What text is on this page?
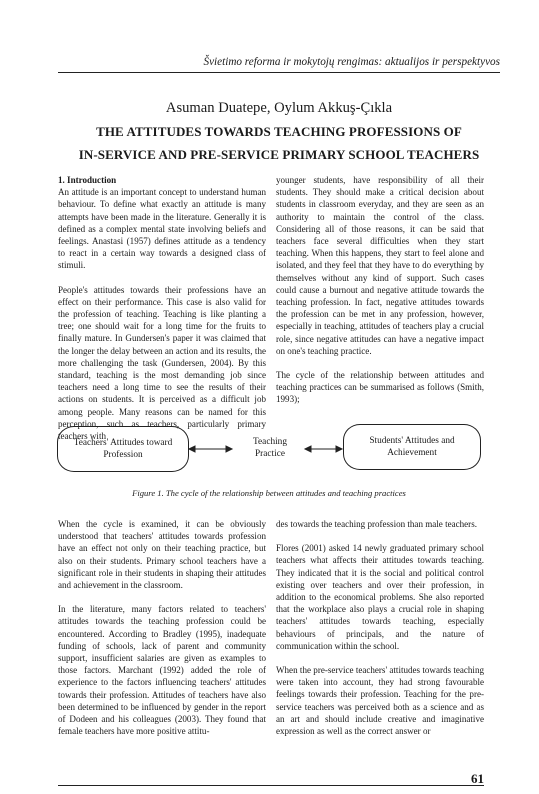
Švietimo reforma ir mokytojų rengimas: aktualijos ir perspektyvos
Asuman Duatepe, Oylum Akkuş-Çıkla
THE ATTITUDES TOWARDS TEACHING PROFESSIONS OF
IN-SERVICE AND PRE-SERVICE PRIMARY SCHOOL TEACHERS

1. Introduction

An attitude is an important concept to understand human behaviour. To define what exactly an attitude is many attempts have been made in the literature. Generally it is defined as a complex mental state involving beliefs and feelings. Anastasi (1957) defines attitude as a tendency to react in a certain way towards a designed class of stimuli.

People's attitudes towards their professions have an effect on their performance. This case is also valid for the profession of teaching. Teaching is like planting a tree; one should wait for a long time for the fruits to finally mature. In Gundersen's paper it was claimed that the longer the delay between an action and its results, the more challenging the task (Gundersen, 2004). By this standard, teaching is the most demanding job since teachers need a long time to see the results of their actions on students. It is perceived as a difficult job among people. Many reasons can be named for this perception, such as teachers, particularly primary teachers with

younger students, have responsibility of all their students. They should make a critical decision about students in classroom everyday, and they are seen as an authority to maintain the control of the class. Considering all of those reasons, it can be said that teachers face several difficulties when they start teaching. When this happens, they start to feel alone and isolated, and they feel that they have to do everything by themselves without any kind of support. Such cases could cause a burnout and negative attitude towards the teaching profession. In fact, negative attitudes towards the profession can be met in any profession, however, especially in teaching, attitudes of teachers play a crucial role, since negative attitudes can have a negative impact on one's teaching practice.

The cycle of the relationship between attitudes and teaching practices can be summarised as follows (Smith, 1993);

Teachers' Attitudes toward Profession
Teaching Practice
Students' Attitudes and Achievement
Figure 1. The cycle of the relationship between attitudes and teaching practices

When the cycle is examined, it can be obviously understood that teachers' attitudes towards profession have an effect not only on their teaching practice, but also on their students. Primary school teachers have a significant role in their students in shaping their attitudes and achievement in the classroom.

In the literature, many factors related to teachers' attitudes towards the teaching profession could be encountered. According to Bradley (1995), inadequate funding of schools, lack of parent and community support, insufficient salaries are given as examples to those factors. Marchant (1992) added the role of experience to the factors influencing teachers' attitudes towards their profession. Attitudes of teachers have also been determined to be influenced by gender in the report of Dodeen and his colleagues (2003). They found that female teachers have more positive attitu-

des towards the teaching profession than male teachers.

Flores (2001) asked 14 newly graduated primary school teachers what affects their attitudes towards teaching. They indicated that it is the social and political control existing over teachers and over their profession, in addition to the economical problems. She also reported that the workplace also plays a crucial role in shaping teachers' attitudes towards teaching, especially behaviours of principals, and the nature of communication within the school.

When the pre-service teachers' attitudes towards teaching were taken into account, they had strong favourable feelings towards their profession. Teaching for the pre-service teachers was perceived both as a science and as an art and should include creative and imaginative expression as well as the correct answer or

61
